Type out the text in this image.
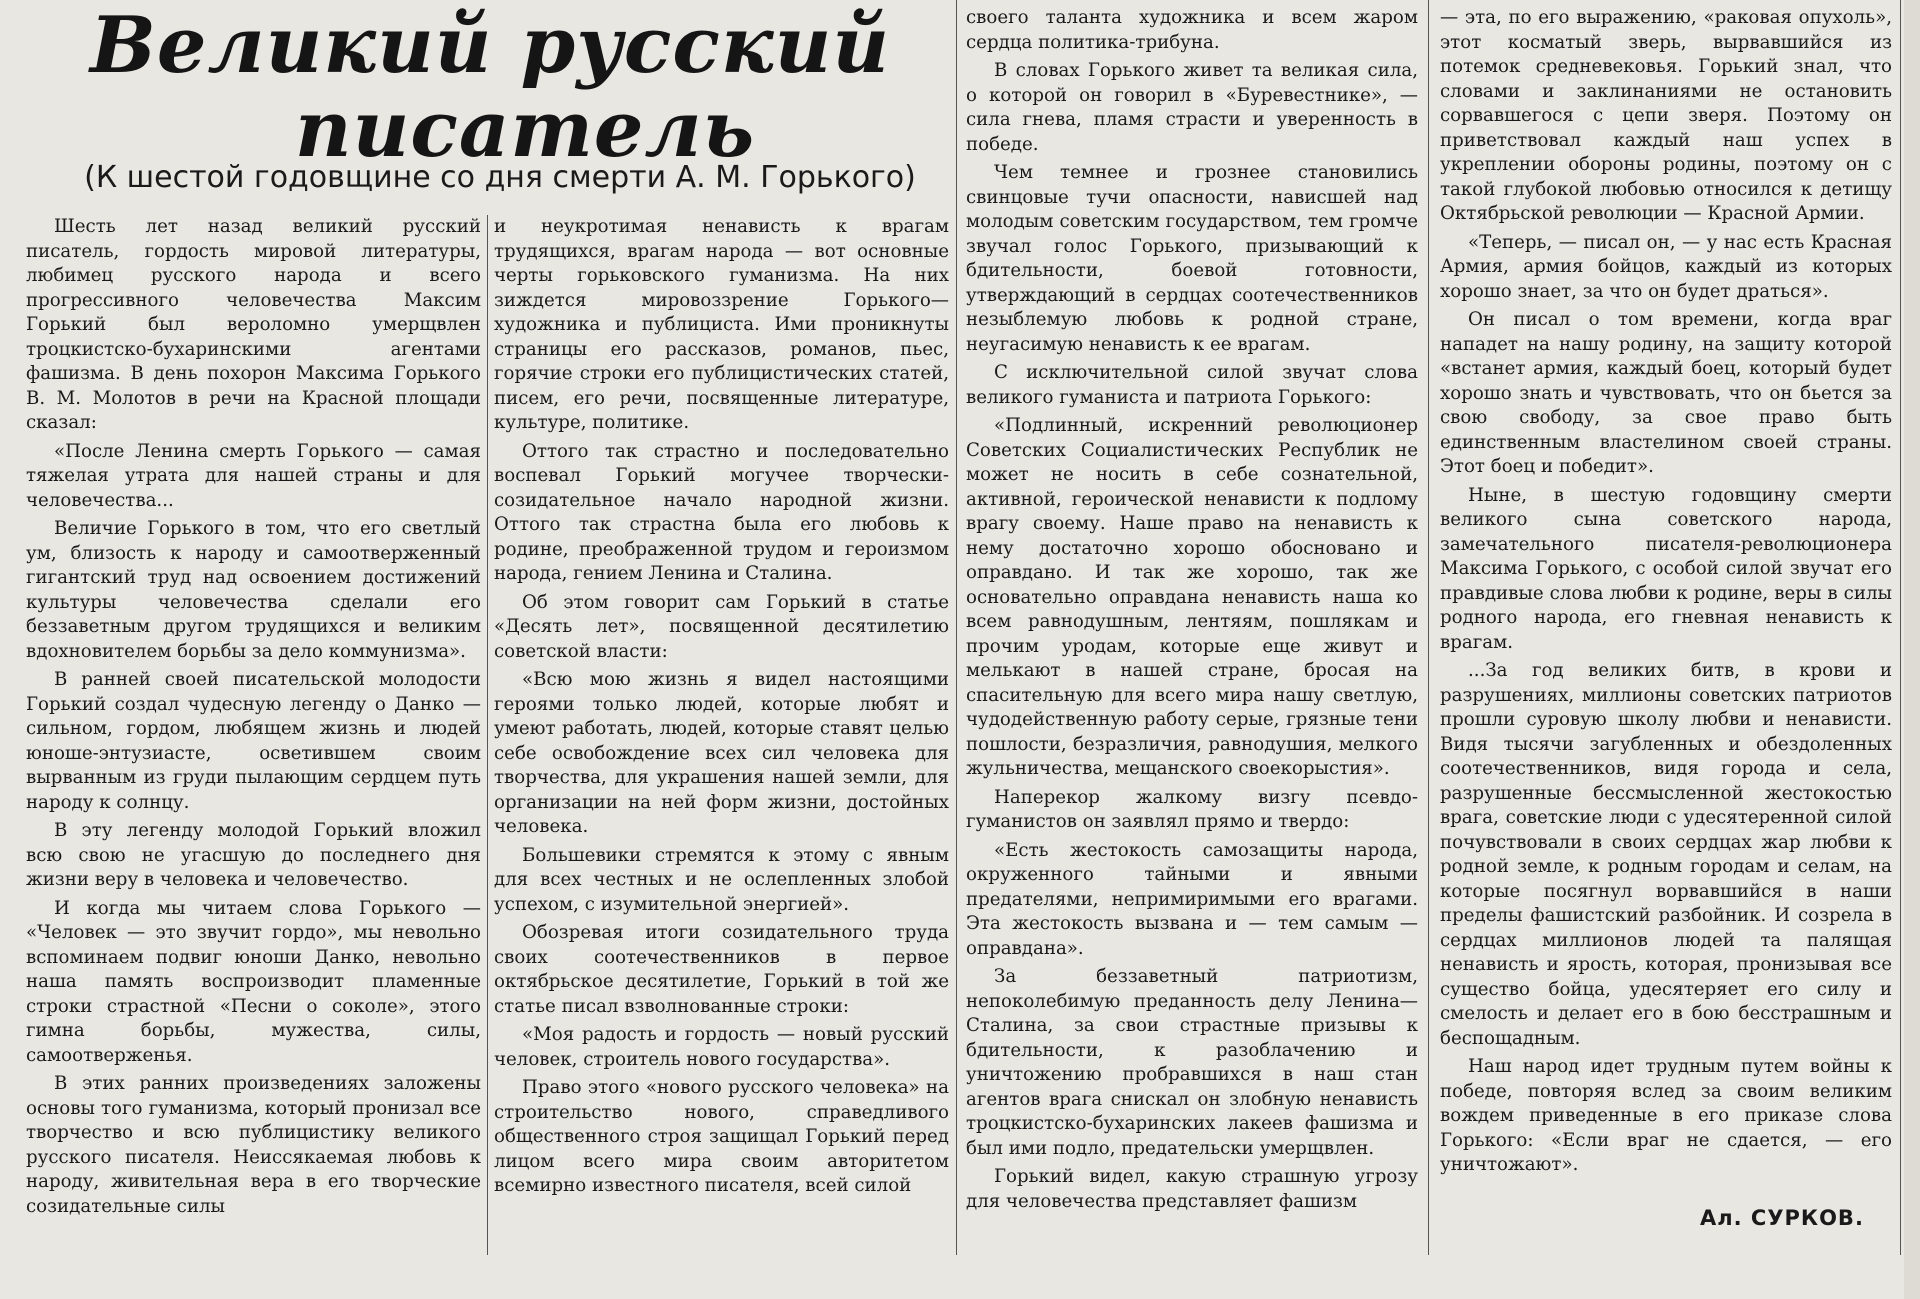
Великий русский
писатель
(К шестой годовщине со дня смерти А. М. Горького)

Шесть лет назад великий русский писатель, гордость мировой литературы, любимец русского народа и всего прогрессивного человечества Максим Горький был вероломно умерщвлен троцкистско-бухаринскими агентами фашизма. В день похорон Максима Горького В. М. Молотов в речи на Красной площади сказал:

«После Ленина смерть Горького — самая тяжелая утрата для нашей страны и для человечества...

Величие Горького в том, что его светлый ум, близость к народу и самоотверженный гигантский труд над освоением достижений культуры человечества сделали его беззаветным другом трудящихся и великим вдохновителем борьбы за дело коммунизма».

В ранней своей писательской молодости Горький создал чудесную легенду о Данко — сильном, гордом, любящем жизнь и людей юноше-энтузиасте, осветившем своим вырванным из груди пылающим сердцем путь народу к солнцу.

В эту легенду молодой Горький вложил всю свою не угасшую до последнего дня жизни веру в человека и человечество.

И когда мы читаем слова Горького — «Человек — это звучит гордо», мы невольно вспоминаем подвиг юноши Данко, невольно наша память воспроизводит пламенные строки страстной «Песни о соколе», этого гимна борьбы, мужества, силы, самоотверженья.

В этих ранних произведениях заложены основы того гуманизма, который пронизал все творчество и всю публицистику великого русского писателя. Неиссякаемая любовь к народу, живительная вера в его творческие созидательные силы

и неукротимая ненависть к врагам трудящихся, врагам народа — вот основные черты горьковского гуманизма. На них зиждется мировоззрение Горького—художника и публициста. Ими проникнуты страницы его рассказов, романов, пьес, горячие строки его публицистических статей, писем, его речи, посвященные литературе, культуре, политике.

Оттого так страстно и последовательно воспевал Горький могучее творчески-созидательное начало народной жизни. Оттого так страстна была его любовь к родине, преображенной трудом и героизмом народа, гением Ленина и Сталина.

Об этом говорит сам Горький в статье «Десять лет», посвященной десятилетию советской власти:

«Всю мою жизнь я видел настоящими героями только людей, которые любят и умеют работать, людей, которые ставят целью себе освобождение всех сил человека для творчества, для украшения нашей земли, для организации на ней форм жизни, достойных человека.

Большевики стремятся к этому с явным для всех честных и не ослепленных злобой успехом, с изумительной энергией».

Обозревая итоги созидательного труда своих соотечественников в первое октябрьское десятилетие, Горький в той же статье писал взволнованные строки:

«Моя радость и гордость — новый русский человек, строитель нового государства».

Право этого «нового русского человека» на строительство нового, справедливого общественного строя защищал Горький перед лицом всего мира своим авторитетом всемирно известного писателя, всей силой

своего таланта художника и всем жаром сердца политика-трибуна.

В словах Горького живет та великая сила, о которой он говорил в «Буревестнике», — сила гнева, пламя страсти и уверенность в победе.

Чем темнее и грознее становились свинцовые тучи опасности, нависшей над молодым советским государством, тем громче звучал голос Горького, призывающий к бдительности, боевой готовности, утверждающий в сердцах соотечественников незыблемую любовь к родной стране, неугасимую ненависть к ее врагам.

С исключительной силой звучат слова великого гуманиста и патриота Горького:

«Подлинный, искренний революционер Советских Социалистических Республик не может не носить в себе сознательной, активной, героической ненависти к подлому врагу своему. Наше право на ненависть к нему достаточно хорошо обосновано и оправдано. И так же хорошо, так же основательно оправдана ненависть наша ко всем равнодушным, лентяям, пошлякам и прочим уродам, которые еще живут и мелькают в нашей стране, бросая на спасительную для всего мира нашу светлую, чудодейственную работу серые, грязные тени пошлости, безразличия, равнодушия, мелкого жульничества, мещанского своекорыстия».

Наперекор жалкому визгу псевдо-гуманистов он заявлял прямо и твердо:

«Есть жестокость самозащиты народа, окруженного тайными и явными предателями, непримиримыми его врагами. Эта жестокость вызвана и — тем самым — оправдана».

За беззаветный патриотизм, непоколебимую преданность делу Ленина—Сталина, за свои страстные призывы к бдительности, к разоблачению и уничтожению пробравшихся в наш стан агентов врага снискал он злобную ненависть троцкистско-бухаринских лакеев фашизма и был ими подло, предательски умерщвлен.

Горький видел, какую страшную угрозу для человечества представляет фашизм

— эта, по его выражению, «раковая опухоль», этот косматый зверь, вырвавшийся из потемок средневековья. Горький знал, что словами и заклинаниями не остановить сорвавшегося с цепи зверя. Поэтому он приветствовал каждый наш успех в укреплении обороны родины, поэтому он с такой глубокой любовью относился к детищу Октябрьской революции — Красной Армии.

«Теперь, — писал он, — у нас есть Красная Армия, армия бойцов, каждый из которых хорошо знает, за что он будет драться».

Он писал о том времени, когда враг нападет на нашу родину, на защиту которой «встанет армия, каждый боец, который будет хорошо знать и чувствовать, что он бьется за свою свободу, за свое право быть единственным властелином своей страны. Этот боец и победит».

Ныне, в шестую годовщину смерти великого сына советского народа, замечательного писателя-революционера Максима Горького, с особой силой звучат его правдивые слова любви к родине, веры в силы родного народа, его гневная ненависть к врагам.

...За год великих битв, в крови и разрушениях, миллионы советских патриотов прошли суровую школу любви и ненависти. Видя тысячи загубленных и обездоленных соотечественников, видя города и села, разрушенные бессмысленной жестокостью врага, советские люди с удесятеренной силой почувствовали в своих сердцах жар любви к родной земле, к родным городам и селам, на которые посягнул ворвавшийся в наши пределы фашистский разбойник. И созрела в сердцах миллионов людей та палящая ненависть и ярость, которая, пронизывая все существо бойца, удесятеряет его силу и смелость и делает его в бою бесстрашным и беспощадным.

Наш народ идет трудным путем войны к победе, повторяя вслед за своим великим вождем приведенные в его приказе слова Горького: «Если враг не сдается, — его уничтожают».

Ал. СУРКОВ.
